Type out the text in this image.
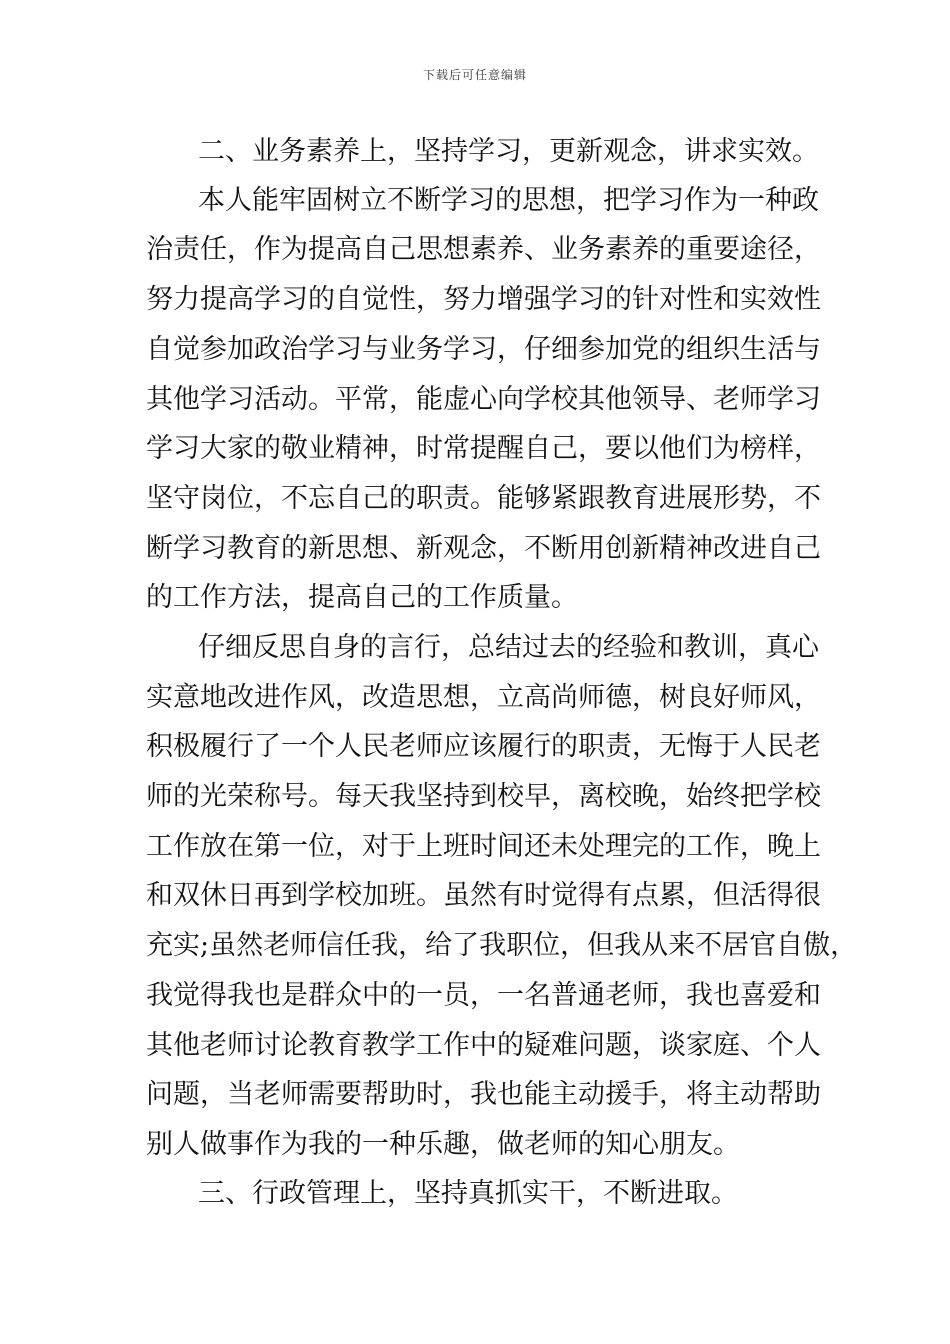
下载后可任意编辑
二、业务素养上，坚持学习，更新观念，讲求实效。
本人能牢固树立不断学习的思想，把学习作为一种政
治责任，作为提高自己思想素养、业务素养的重要途径，
努力提高学习的自觉性，努力增强学习的针对性和实效性
自觉参加政治学习与业务学习，仔细参加党的组织生活与
其他学习活动。平常，能虚心向学校其他领导、老师学习
学习大家的敬业精神，时常提醒自己，要以他们为榜样，
坚守岗位，不忘自己的职责。能够紧跟教育进展形势，不
断学习教育的新思想、新观念，不断用创新精神改进自己
的工作方法，提高自己的工作质量。
仔细反思自身的言行，总结过去的经验和教训，真心
实意地改进作风，改造思想，立高尚师德，树良好师风，
积极履行了一个人民老师应该履行的职责，无悔于人民老
师的光荣称号。每天我坚持到校早，离校晚，始终把学校
工作放在第一位，对于上班时间还未处理完的工作，晚上
和双休日再到学校加班。虽然有时觉得有点累，但活得很
充实;虽然老师信任我，给了我职位，但我从来不居官自傲，
我觉得我也是群众中的一员，一名普通老师，我也喜爱和
其他老师讨论教育教学工作中的疑难问题，谈家庭、个人
问题，当老师需要帮助时，我也能主动援手，将主动帮助
别人做事作为我的一种乐趣，做老师的知心朋友。
三、行政管理上，坚持真抓实干，不断进取。
